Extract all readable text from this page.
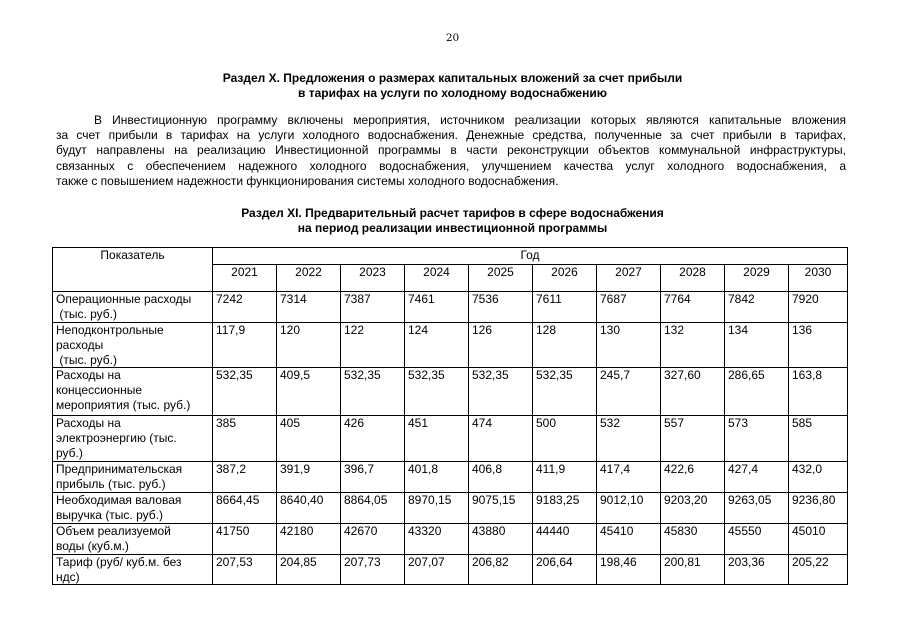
20
Раздел X. Предложения о размерах капитальных вложений за счет прибыли
в тарифах на услуги по холодному водоснабжению
В Инвестиционную программу включены мероприятия, источником реализации которых являются капитальные вложения
за счет прибыли в тарифах на услуги холодного водоснабжения. Денежные средства, полученные за счет прибыли в тарифах,
будут направлены на реализацию Инвестиционной программы в части реконструкции объектов коммунальной инфраструктуры,
связанных с обеспечением надежного холодного водоснабжения, улучшением качества услуг холодного водоснабжения, а
также с повышением надежности функционирования системы холодного водоснабжения.
Раздел XI. Предварительный расчет тарифов в сфере водоснабжения
на период реализации инвестиционной программы
Показатель	Год									
	2021	2022	2023	2024	2025	2026	2027	2028	2029	2030

Операционные расходы
(тыс. руб.)	7242	7314	7387	7461	7536	7611	7687	7764	7842	7920

Неподконтрольные
расходы
(тыс. руб.)	117,9	120	122	124	126	128	130	132	134	136

Расходы на
концессионные
мероприятия (тыс. руб.)	532,35	409,5	532,35	532,35	532,35	532,35	245,7	327,60	286,65	163,8

Расходы на
электроэнергию (тыс.
руб.)	385	405	426	451	474	500	532	557	573	585

Предпринимательская
прибыль (тыс. руб.)	387,2	391,9	396,7	401,8	406,8	411,9	417,4	422,6	427,4	432,0

Необходимая валовая
выручка (тыс. руб.)	8664,45	8640,40	8864,05	8970,15	9075,15	9183,25	9012,10	9203,20	9263,05	9236,80

Объем реализуемой
воды (куб.м.)	41750	42180	42670	43320	43880	44440	45410	45830	45550	45010

Тариф (руб/ куб.м. без
ндс)	207,53	204,85	207,73	207,07	206,82	206,64	198,46	200,81	203,36	205,22
